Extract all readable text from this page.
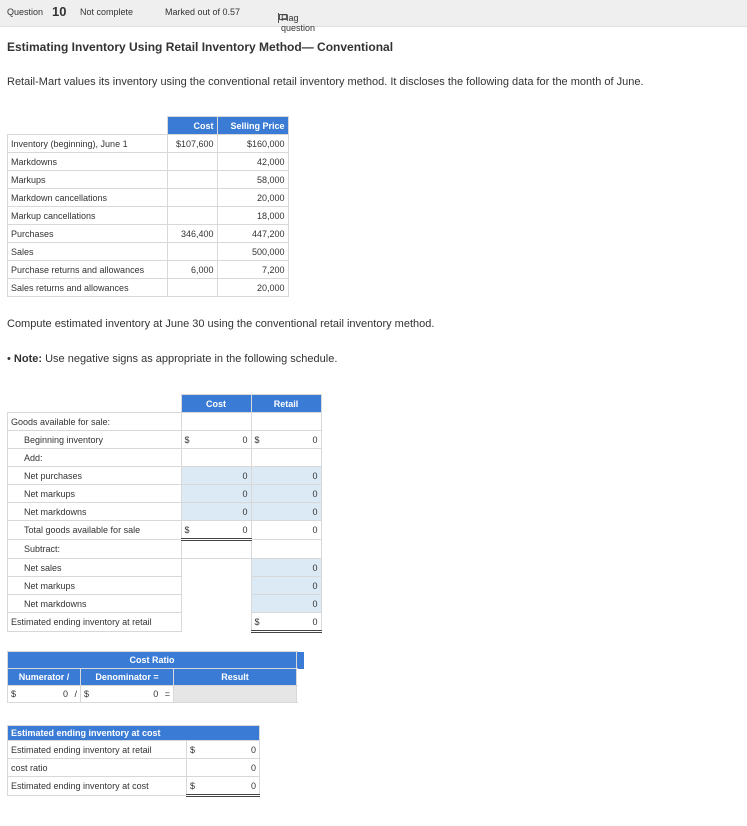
Question 10 Not complete	Marked out of 0.57
Flag question
Estimating Inventory Using Retail Inventory Method— Conventional
Retail-Mart values its inventory using the conventional retail inventory method. It discloses the following data for the month of June.
	Cost	Selling Price
Inventory (beginning), June 1	$107,600	$160,000
Markdowns		42,000
Markups		58,000
Markdown cancellations		20,000
Markup cancellations		18,000
Purchases	346,400	447,200
Sales		500,000
Purchase returns and allowances	6,000	7,200
Sales returns and allowances		20,000
Compute estimated inventory at June 30 using the conventional retail inventory method.
• Note: Use negative signs as appropriate in the following schedule.
	Cost		Retail	
Goods available for sale:				
Beginning inventory	$	0	$	0
Add:				
Net purchases	0		0	
Net markups	0		0	
Net markdowns	0		0	
Total goods available for sale	$	0	0	
Subtract:				
Net sales			0	
Net markups			0	
Net markdowns			0	
Estimated ending inventory at retail			$	0
Cost Ratio					
Numerator /		Denominator =		Result	
$	0 /	$	0 =		
Estimated ending inventory at cost		
Estimated ending inventory at retail	$	0
cost ratio		0
Estimated ending inventory at cost	$	0
